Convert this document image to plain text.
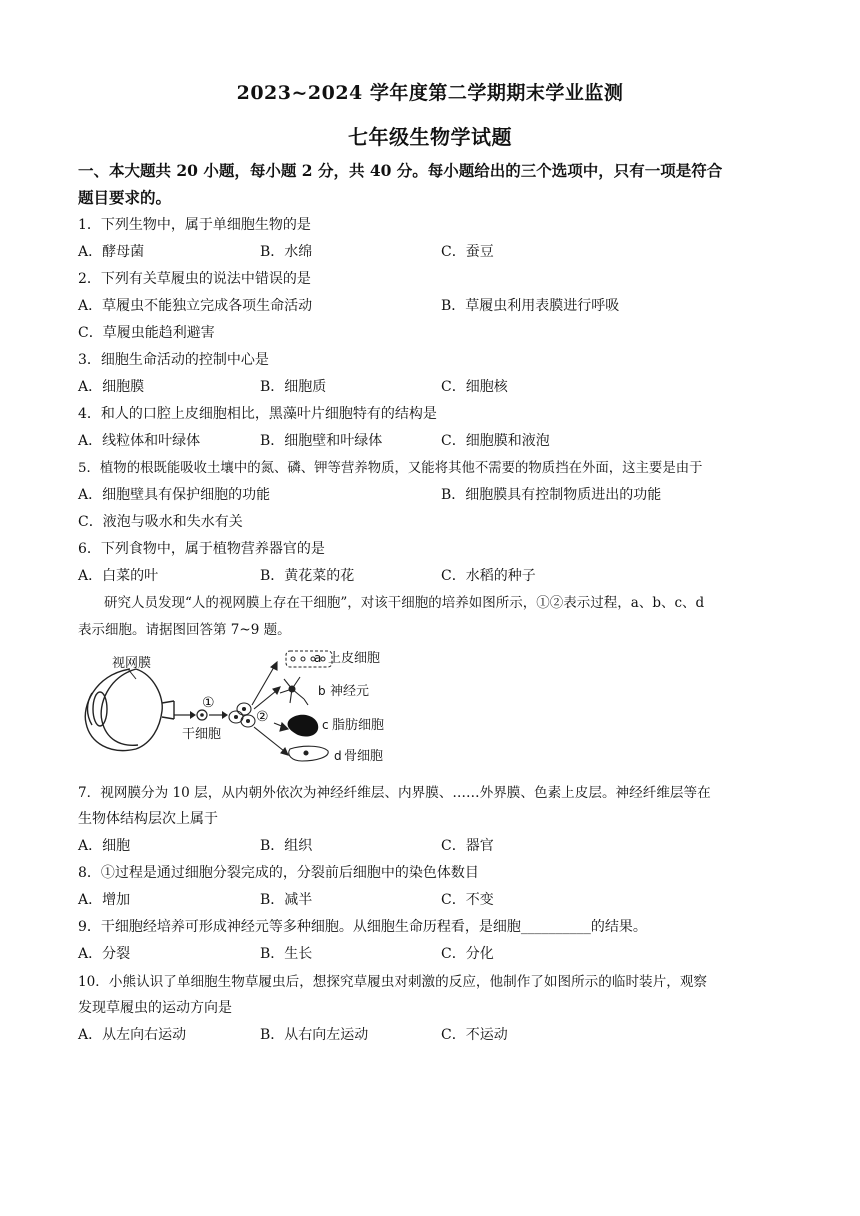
2023~2024 学年度第二学期期末学业监测
七年级生物学试题
一、本大题共 20 小题，每小题 2 分，共 40 分。每小题给出的三个选项中，只有一项是符合
题目要求的。
1．下列生物中，属于单细胞生物的是
A．酵母菌	B．水绵	C．蚕豆
2．下列有关草履虫的说法中错误的是
A．草履虫不能独立完成各项生命活动	B．草履虫利用表膜进行呼吸
C．草履虫能趋利避害
3．细胞生命活动的控制中心是
A．细胞膜	B．细胞质	C．细胞核
4．和人的口腔上皮细胞相比，黑藻叶片细胞特有的结构是
A．线粒体和叶绿体	B．细胞壁和叶绿体	C．细胞膜和液泡
5．植物的根既能吸收土壤中的氮、磷、钾等营养物质，又能将其他不需要的物质挡在外面，这主要是由于
A．细胞壁具有保护细胞的功能	B．细胞膜具有控制物质进出的功能
C．液泡与吸水和失水有关
6．下列食物中，属于植物营养器官的是
A．白菜的叶	B．黄花菜的花	C．水稻的种子
研究人员发现“人的视网膜上存在干细胞”，对该干细胞的培养如图所示，①②表示过程，a、b、c、d
表示细胞。请据图回答第 7~9 题。
视网膜
干细胞
①
②
a 上皮细胞
b 神经元
c 脂肪细胞
d 骨细胞
7．视网膜分为 10 层，从内朝外依次为神经纤维层、内界膜、……外界膜、色素上皮层。神经纤维层等在
生物体结构层次上属于
A．细胞	B．组织	C．器官
8．①过程是通过细胞分裂完成的，分裂前后细胞中的染色体数目
A．增加	B．减半	C．不变
9．干细胞经培养可形成神经元等多种细胞。从细胞生命历程看，是细胞__________的结果。
A．分裂	B．生长	C．分化
10．小熊认识了单细胞生物草履虫后，想探究草履虫对刺激的反应，他制作了如图所示的临时装片，观察
发现草履虫的运动方向是
A．从左向右运动	B．从右向左运动	C．不运动
